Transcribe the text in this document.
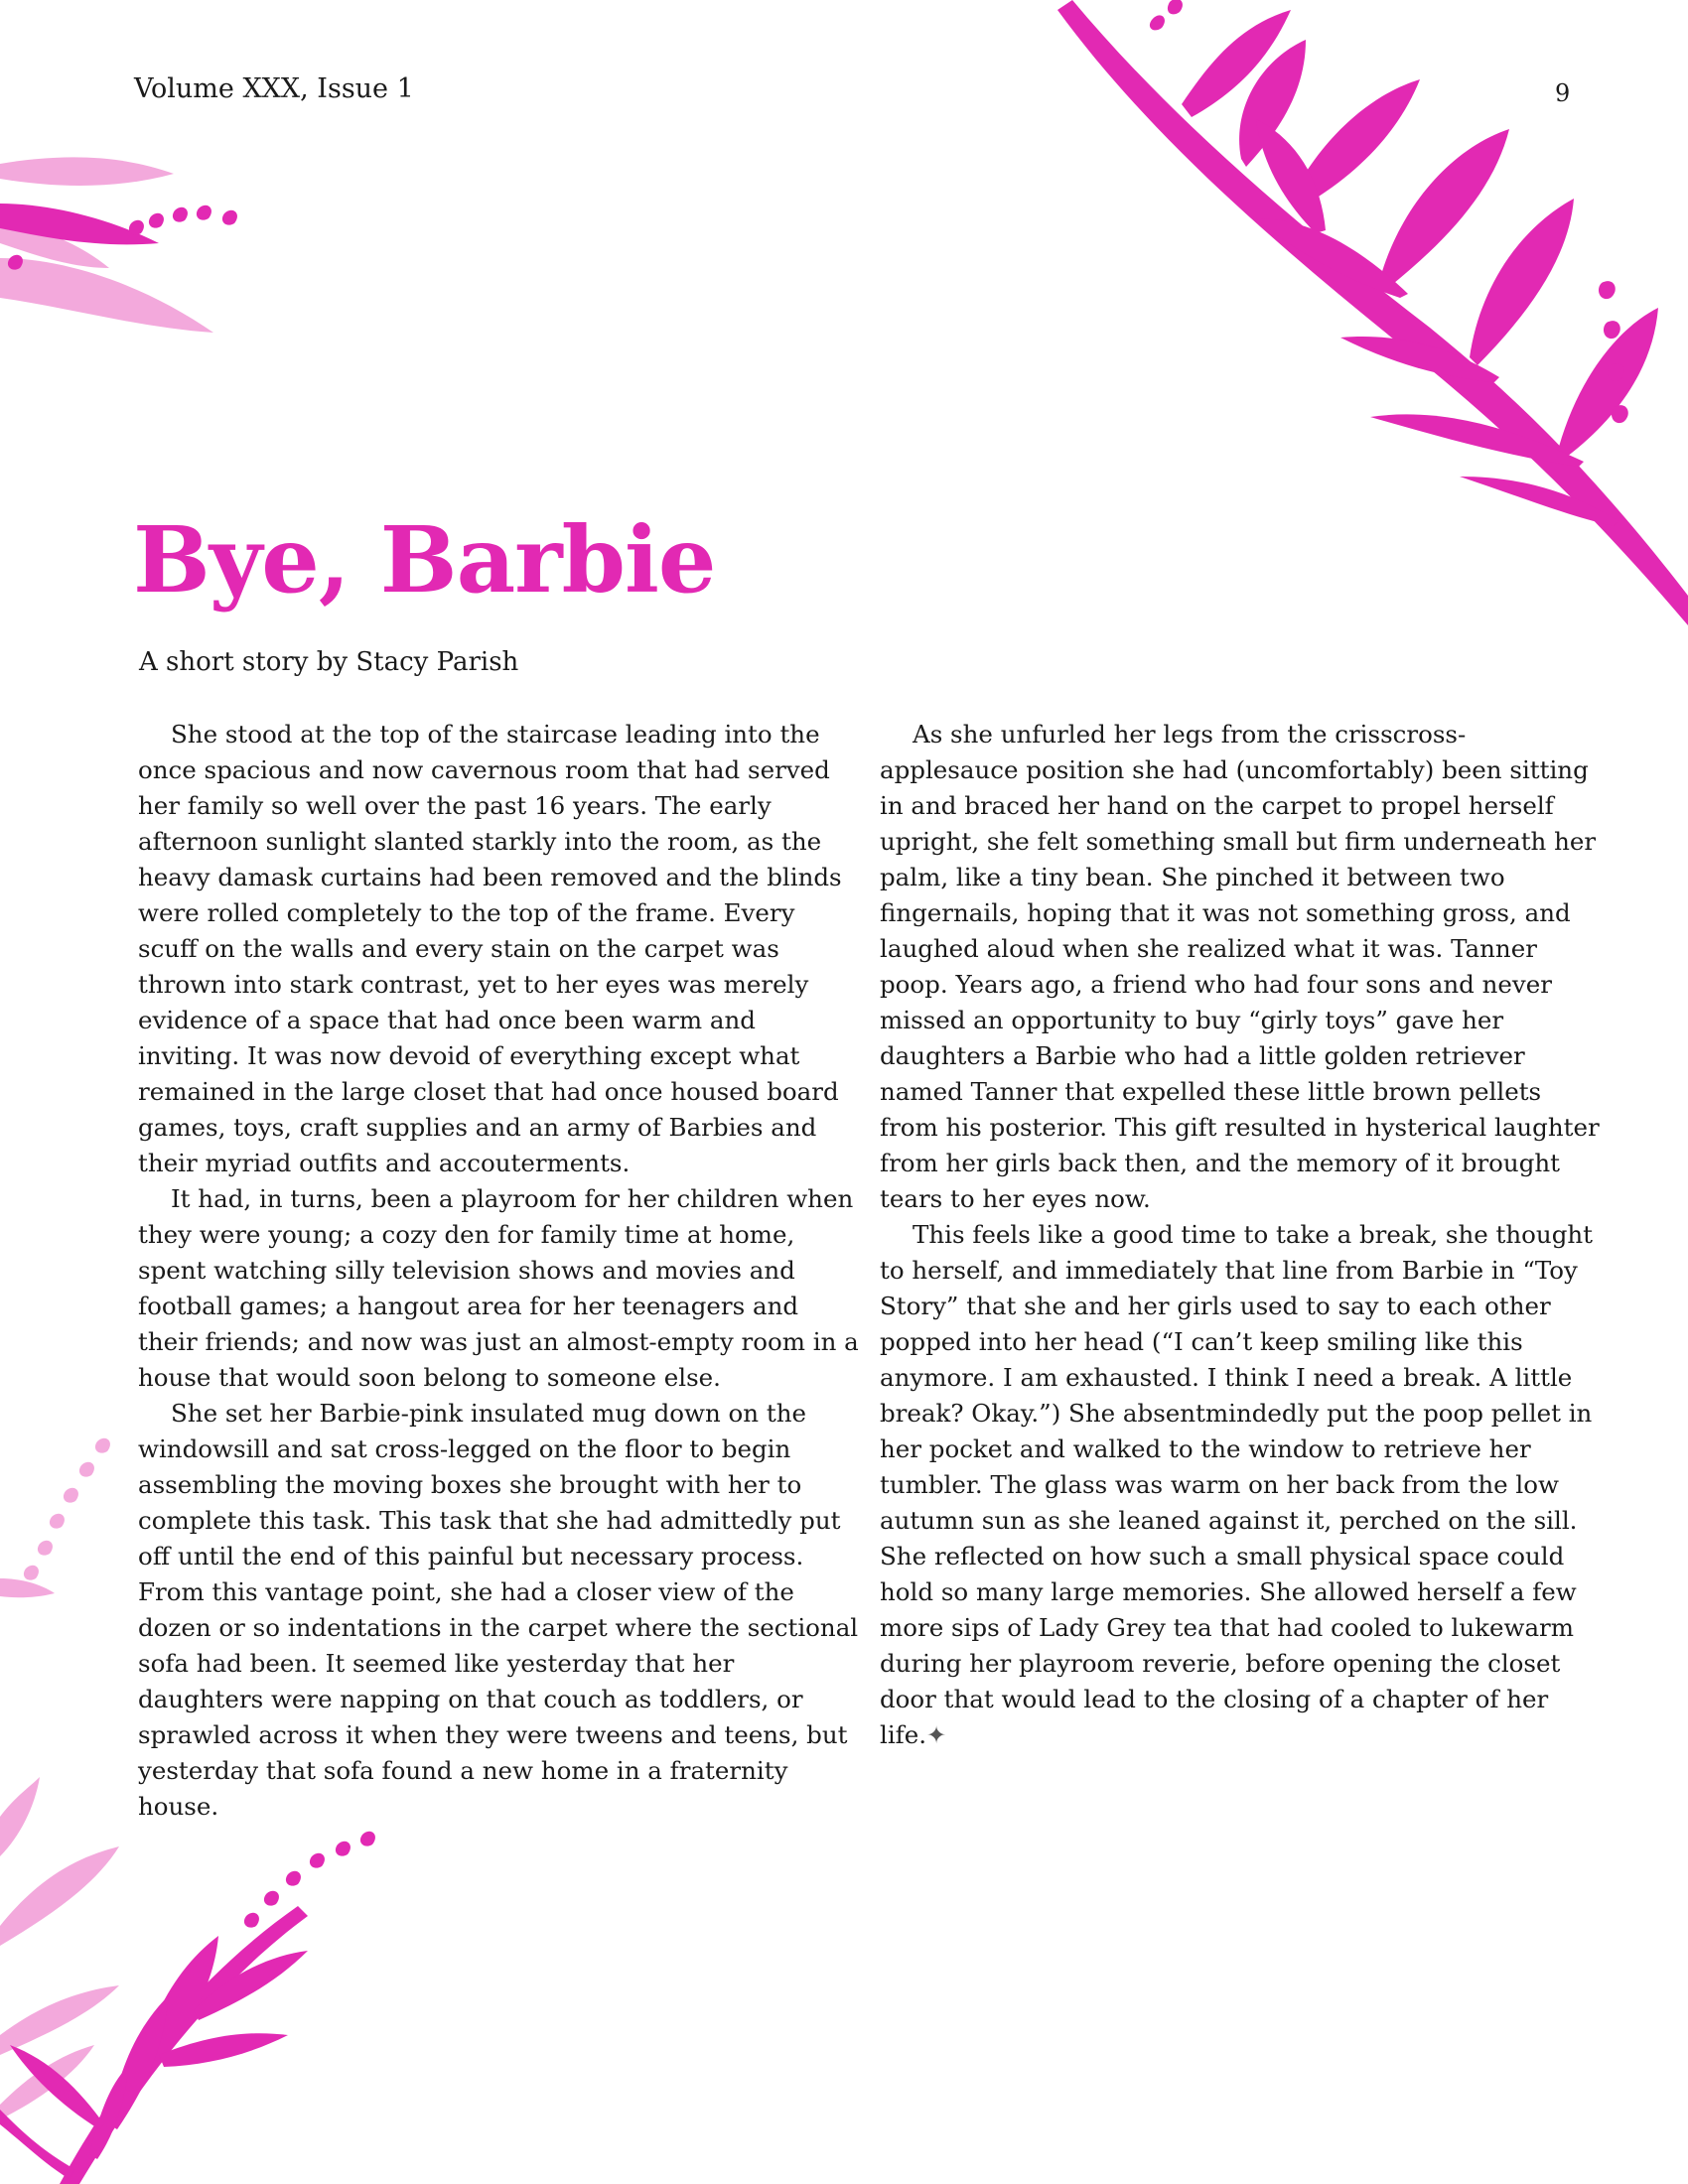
Volume XXX, Issue 1	9
Bye, Barbie
A short story by Stacy Parish

She stood at the top of the staircase leading into the once spacious and now cavernous room that had served her family so well over the past 16 years. The early afternoon sunlight slanted starkly into the room, as the heavy damask curtains had been removed and the blinds were rolled completely to the top of the frame. Every scuff on the walls and every stain on the carpet was thrown into stark contrast, yet to her eyes was merely evidence of a space that had once been warm and inviting. It was now devoid of everything except what remained in the large closet that had once housed board games, toys, craft supplies and an army of Barbies and their myriad outfits and accouterments.

It had, in turns, been a playroom for her children when they were young; a cozy den for family time at home, spent watching silly television shows and movies and football games; a hangout area for her teenagers and their friends; and now was just an almost-empty room in a house that would soon belong to someone else.

She set her Barbie-pink insulated mug down on the windowsill and sat cross-legged on the floor to begin assembling the moving boxes she brought with her to complete this task. This task that she had admittedly put off until the end of this painful but necessary process. From this vantage point, she had a closer view of the dozen or so indentations in the carpet where the sectional sofa had been. It seemed like yesterday that her daughters were napping on that couch as toddlers, or sprawled across it when they were tweens and teens, but yesterday that sofa found a new home in a fraternity house.

As she unfurled her legs from the crisscross-applesauce position she had (uncomfortably) been sitting in and braced her hand on the carpet to propel herself upright, she felt something small but firm underneath her palm, like a tiny bean. She pinched it between two fingernails, hoping that it was not something gross, and laughed aloud when she realized what it was. Tanner poop. Years ago, a friend who had four sons and never missed an opportunity to buy “girly toys” gave her daughters a Barbie who had a little golden retriever named Tanner that expelled these little brown pellets from his posterior. This gift resulted in hysterical laughter from her girls back then, and the memory of it brought tears to her eyes now.

This feels like a good time to take a break, she thought to herself, and immediately that line from Barbie in “Toy Story” that she and her girls used to say to each other popped into her head (“I can’t keep smiling like this anymore. I am exhausted. I think I need a break. A little break? Okay.”) She absentmindedly put the poop pellet in her pocket and walked to the window to retrieve her tumbler. The glass was warm on her back from the low autumn sun as she leaned against it, perched on the sill. She reflected on how such a small physical space could hold so many large memories. She allowed herself a few more sips of Lady Grey tea that had cooled to lukewarm during her playroom reverie, before opening the closet door that would lead to the closing of a chapter of her life.✦
